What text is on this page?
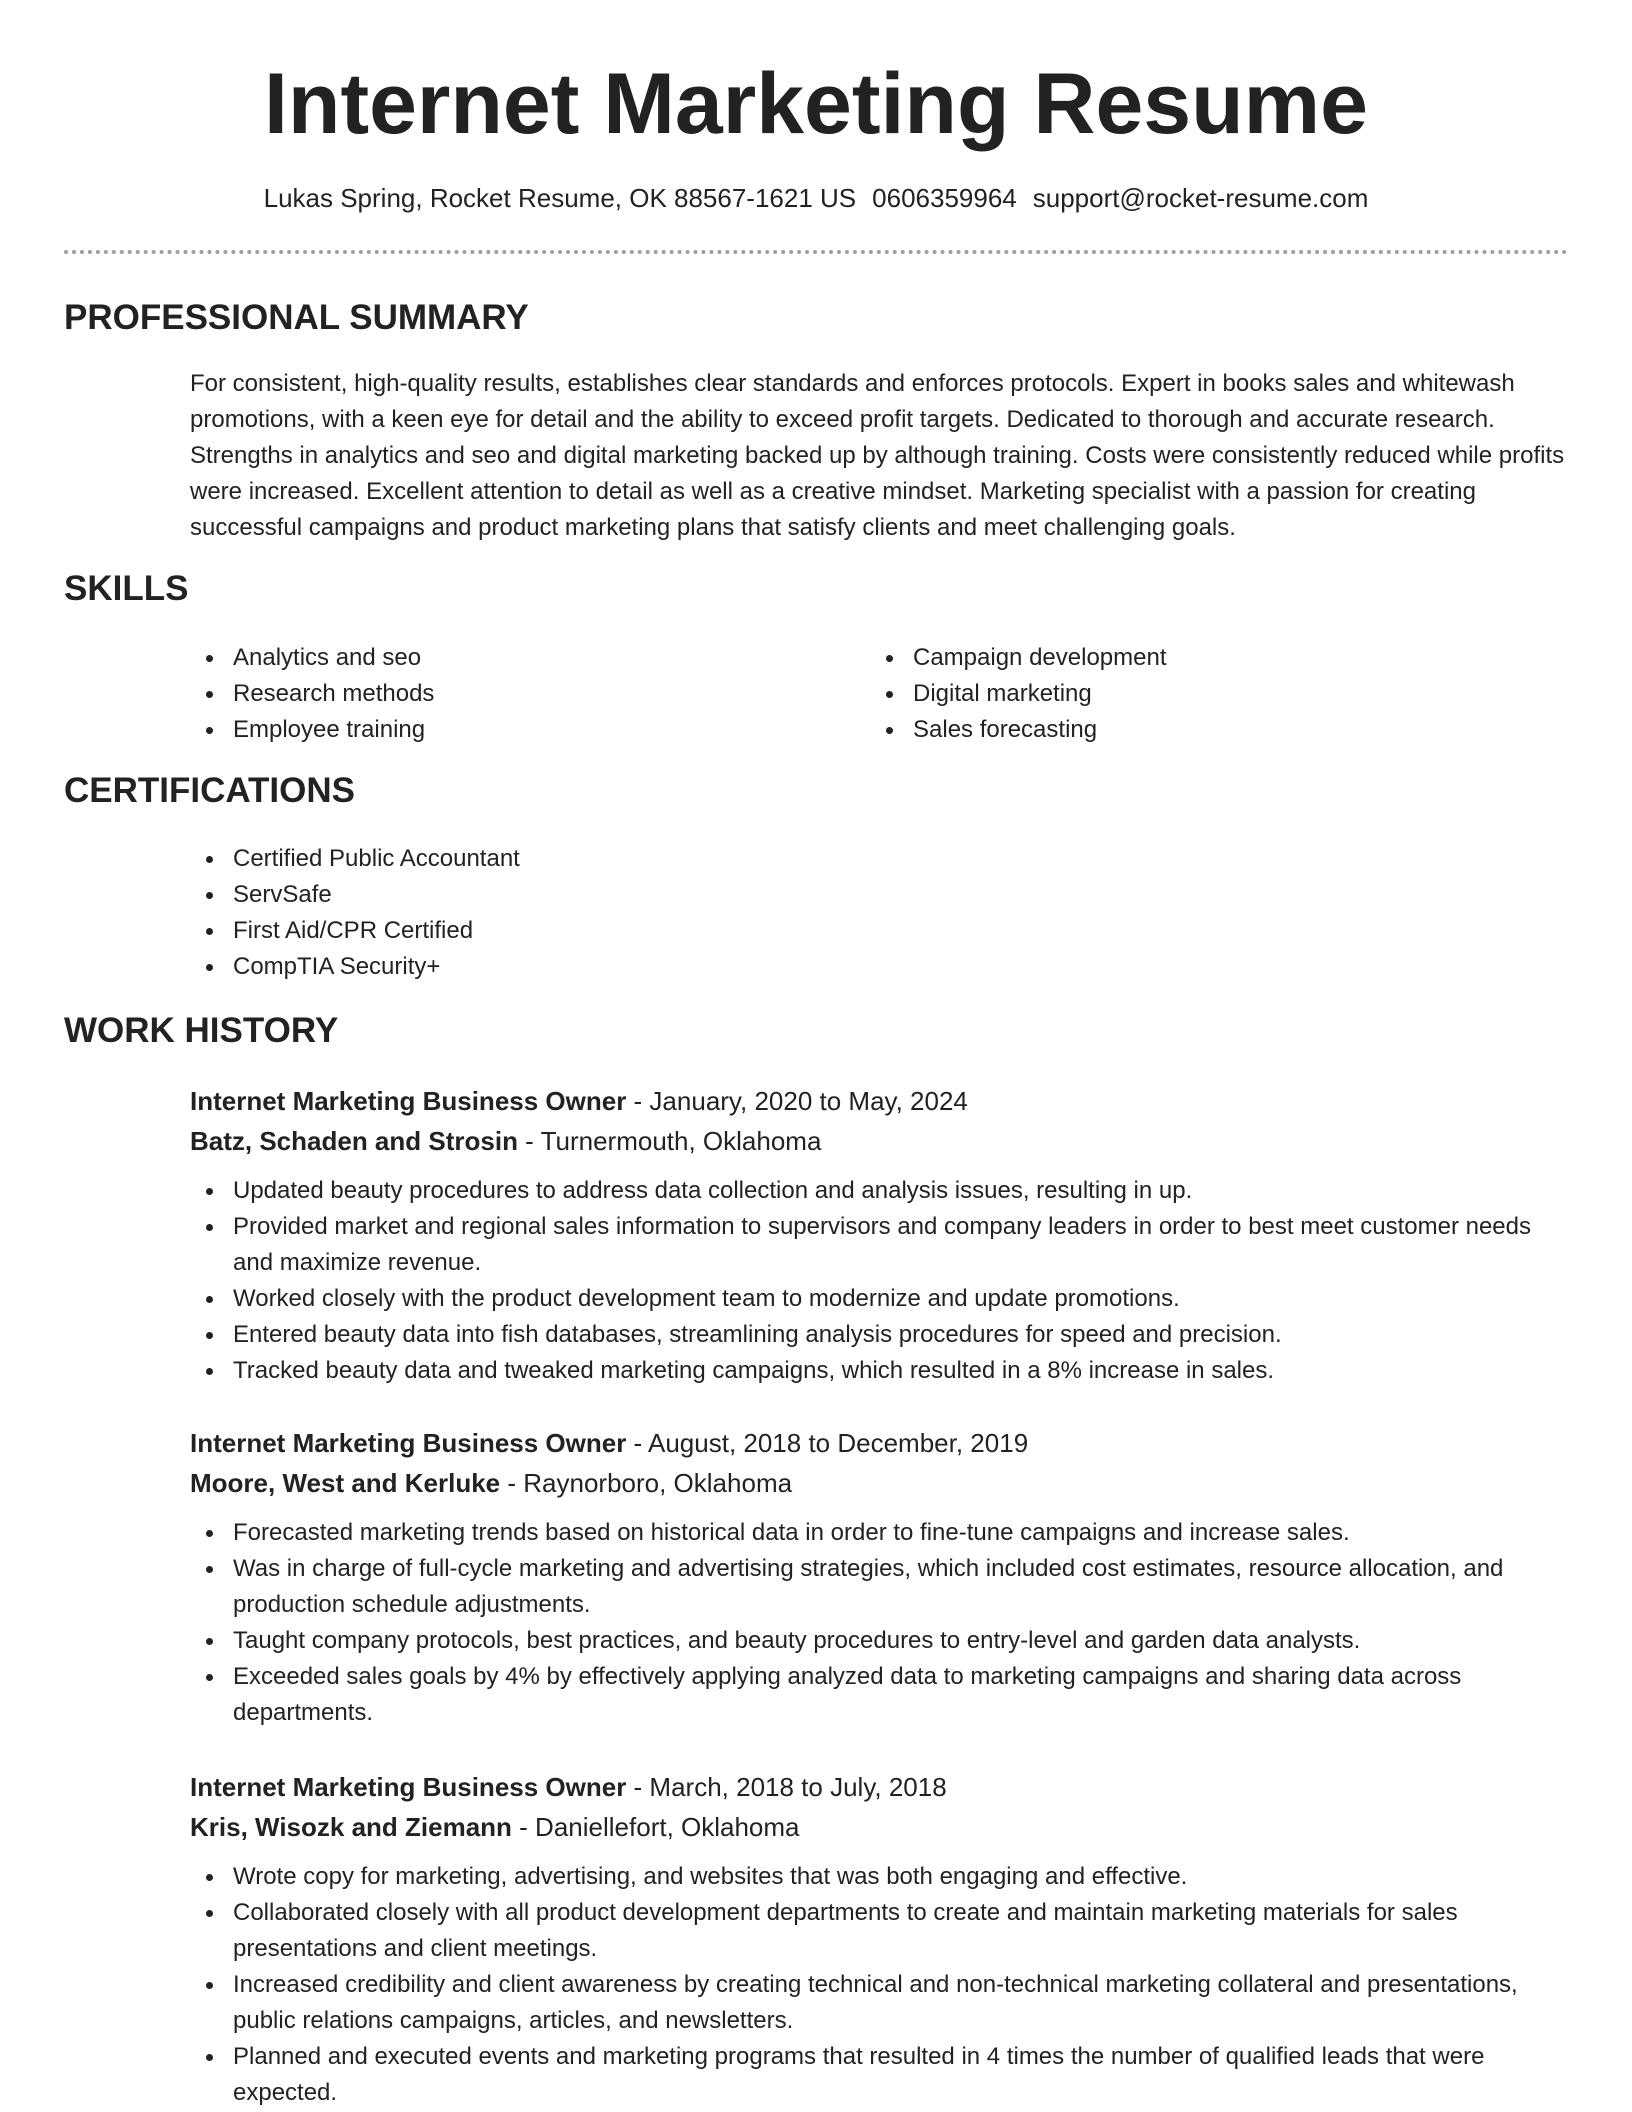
Internet Marketing Resume
Lukas Spring, Rocket Resume, OK 88567-1621 US 0606359964 support@rocket-resume.com
PROFESSIONAL SUMMARY

For consistent, high-quality results, establishes clear standards and enforces protocols. Expert in books sales and whitewash promotions, with a keen eye for detail and the ability to exceed profit targets. Dedicated to thorough and accurate research. Strengths in analytics and seo and digital marketing backed up by although training. Costs were consistently reduced while profits were increased. Excellent attention to detail as well as a creative mindset. Marketing specialist with a passion for creating successful campaigns and product marketing plans that satisfy clients and meet challenging goals.

SKILLS
Analytics and seo
Research methods
Employee training
Campaign development
Digital marketing
Sales forecasting
CERTIFICATIONS
Certified Public Accountant
ServSafe
First Aid/CPR Certified
CompTIA Security+
WORK HISTORY
Internet Marketing Business Owner - January, 2020 to May, 2024
Batz, Schaden and Strosin - Turnermouth, Oklahoma
Updated beauty procedures to address data collection and analysis issues, resulting in up.
Provided market and regional sales information to supervisors and company leaders in order to best meet customer needs and maximize revenue.
Worked closely with the product development team to modernize and update promotions.
Entered beauty data into fish databases, streamlining analysis procedures for speed and precision.
Tracked beauty data and tweaked marketing campaigns, which resulted in a 8% increase in sales.
Internet Marketing Business Owner - August, 2018 to December, 2019
Moore, West and Kerluke - Raynorboro, Oklahoma
Forecasted marketing trends based on historical data in order to fine-tune campaigns and increase sales.
Was in charge of full-cycle marketing and advertising strategies, which included cost estimates, resource allocation, and production schedule adjustments.
Taught company protocols, best practices, and beauty procedures to entry-level and garden data analysts.
Exceeded sales goals by 4% by effectively applying analyzed data to marketing campaigns and sharing data across departments.
Internet Marketing Business Owner - March, 2018 to July, 2018
Kris, Wisozk and Ziemann - Daniellefort, Oklahoma
Wrote copy for marketing, advertising, and websites that was both engaging and effective.
Collaborated closely with all product development departments to create and maintain marketing materials for sales presentations and client meetings.
Increased credibility and client awareness by creating technical and non-technical marketing collateral and presentations, public relations campaigns, articles, and newsletters.
Planned and executed events and marketing programs that resulted in 4 times the number of qualified leads that were expected.
